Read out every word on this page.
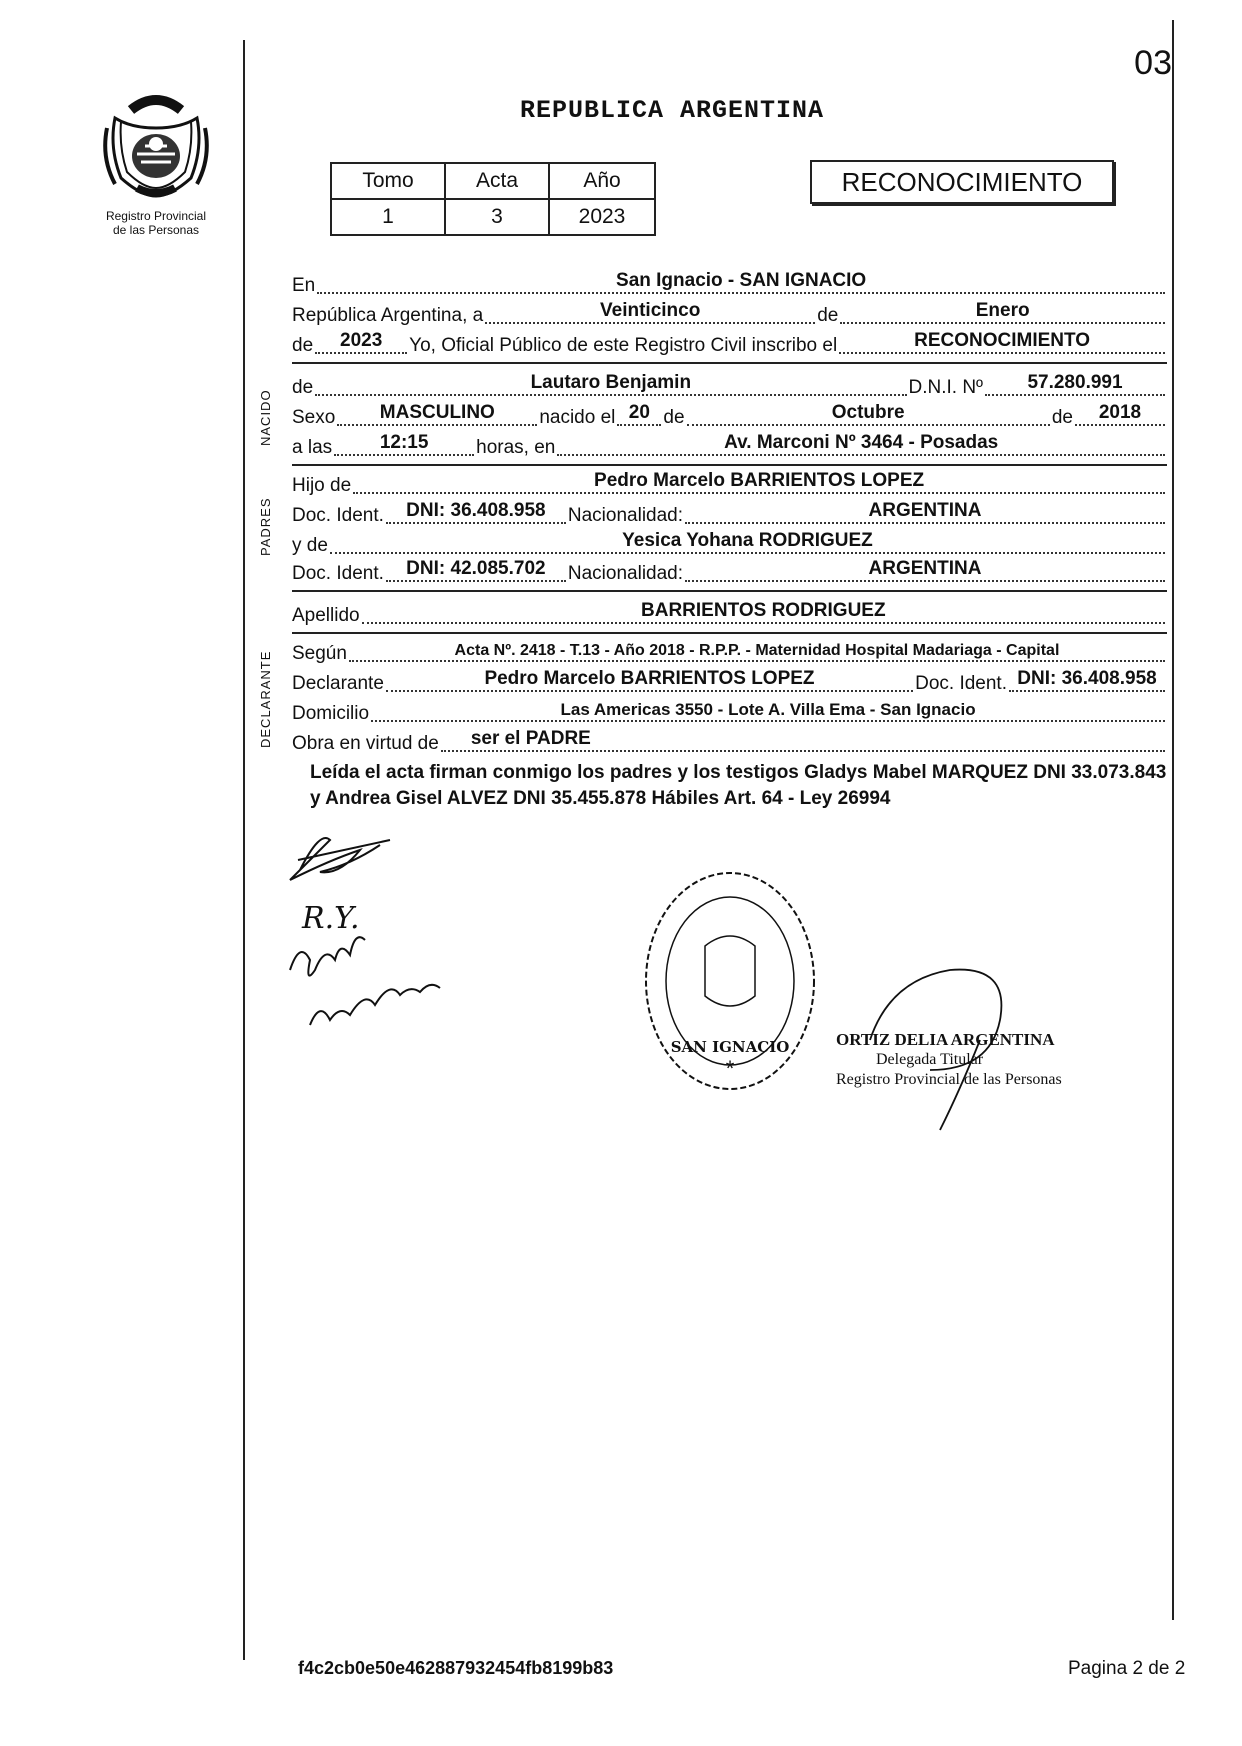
Registro Provincial
de las Personas
03
REPUBLICA ARGENTINA
Tomo	Acta	Año
1	3	2023
RECONOCIMIENTO
NACIDO
PADRES
DECLARANTE
En	San Ignacio - SAN IGNACIO
República Argentina, a	Veinticinco	de	Enero
de	2023	Yo, Oficial Público de este Registro Civil inscribo el	RECONOCIMIENTO
de	Lautaro Benjamin	D.N.I. Nº	57.280.991
Sexo	MASCULINO	nacido el 20 de	Octubre	de	2018
a las	12:15	horas, en	Av. Marconi Nº 3464 - Posadas
Hijo de	Pedro Marcelo BARRIENTOS LOPEZ
Doc. Ident.	DNI: 36.408.958	Nacionalidad:	ARGENTINA
y de	Yesica Yohana RODRIGUEZ
Doc. Ident.	DNI: 42.085.702	Nacionalidad:	ARGENTINA
Apellido	BARRIENTOS RODRIGUEZ
Según	Acta Nº. 2418 - T.13 - Año 2018 - R.P.P. - Maternidad Hospital Madariaga - Capital
Declarante	Pedro Marcelo BARRIENTOS LOPEZ	Doc. Ident. DNI: 36.408.958
Domicilio	Las Americas 3550 - Lote A. Villa Ema - San Ignacio
Obra en virtud de	ser el PADRE
Leída el acta firman conmigo los padres y los testigos Gladys Mabel MARQUEZ DNI 33.073.843 y Andrea Gisel ALVEZ DNI 35.455.878 Hábiles Art. 64 - Ley 26994
R.Y.
SAN IGNACIO
*
ORTIZ DELIA ARGENTINA
Delegada Titular
Registro Provincial de las Personas
f4c2cb0e50e462887932454fb8199b83	Pagina 2 de 2
